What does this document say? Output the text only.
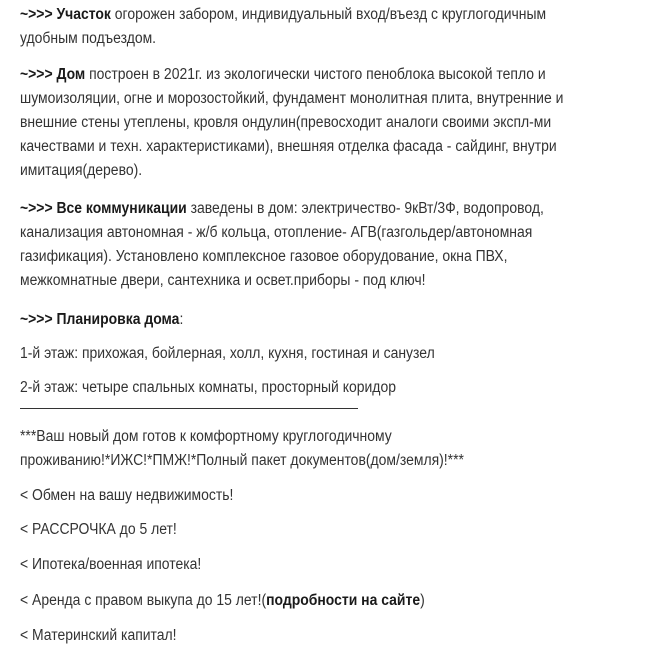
~>>> Участок огорожен забором, индивидуальный вход/въезд с круглогодичным
удобным подъездом.
~>>> Дом построен в 2021г. из экологически чистого пеноблока высокой тепло и
шумоизоляции, огне и морозостойкий, фундамент монолитная плита, внутренние и
внешние стены утеплены, кровля ондулин(превосходит аналоги своими экспл-ми
качествами и техн. характеристиками), внешняя отделка фасада - сайдинг, внутри
имитация(дерево).
~>>> Все коммуникации заведены в дом: электричество- 9кВт/3Ф, водопровод,
канализация автономная - ж/б кольца, отопление- АГВ(газгольдер/автономная
газификация). Установлено комплексное газовое оборудование, окна ПВХ,
межкомнатные двери, сантехника и освет.приборы - под ключ!
~>>> Планировка дома:
1-й этаж: прихожая, бойлерная, холл, кухня, гостиная и санузел
2-й этаж: четыре спальных комнаты, просторный коридор
***Ваш новый дом готов к комфортному круглогодичному
проживанию!*ИЖС!*ПМЖ!*Полный пакет документов(дом/земля)!***
< Обмен на вашу недвижимость!
< РАССРОЧКА до 5 лет!
< Ипотека/военная ипотека!
< Аренда с правом выкупа до 15 лет!(подробности на сайте)
< Материнский капитал!
